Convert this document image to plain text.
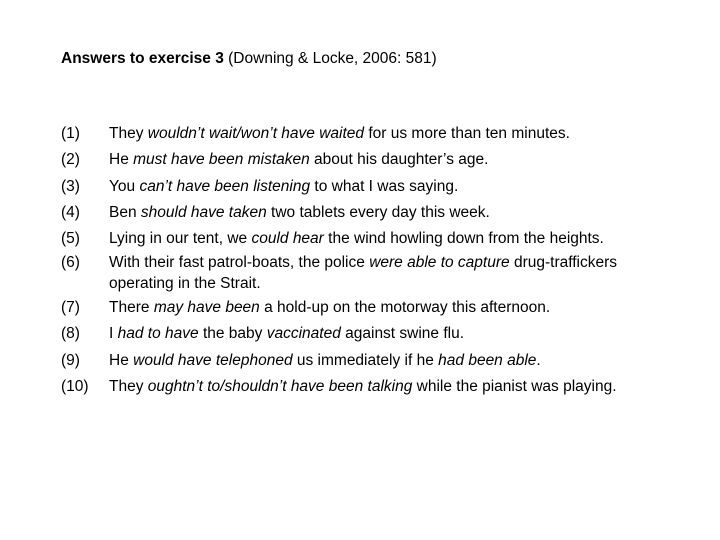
Answers to exercise 3 (Downing & Locke, 2006: 581)
(1)	They wouldn’t wait/won’t have waited for us more than ten minutes.
(2)	He must have been mistaken about his daughter’s age.
(3)	You can’t have been listening to what I was saying.
(4)	Ben should have taken two tablets every day this week.
(5)	Lying in our tent, we could hear the wind howling down from the heights.
(6)	With their fast patrol-boats, the police were able to capture drug-traffickers operating in the Strait.
(7)	There may have been a hold-up on the motorway this afternoon.
(8)	I had to have the baby vaccinated against swine flu.
(9)	He would have telephoned us immediately if he had been able.
(10)	They oughtn’t to/shouldn’t have been talking while the pianist was playing.
